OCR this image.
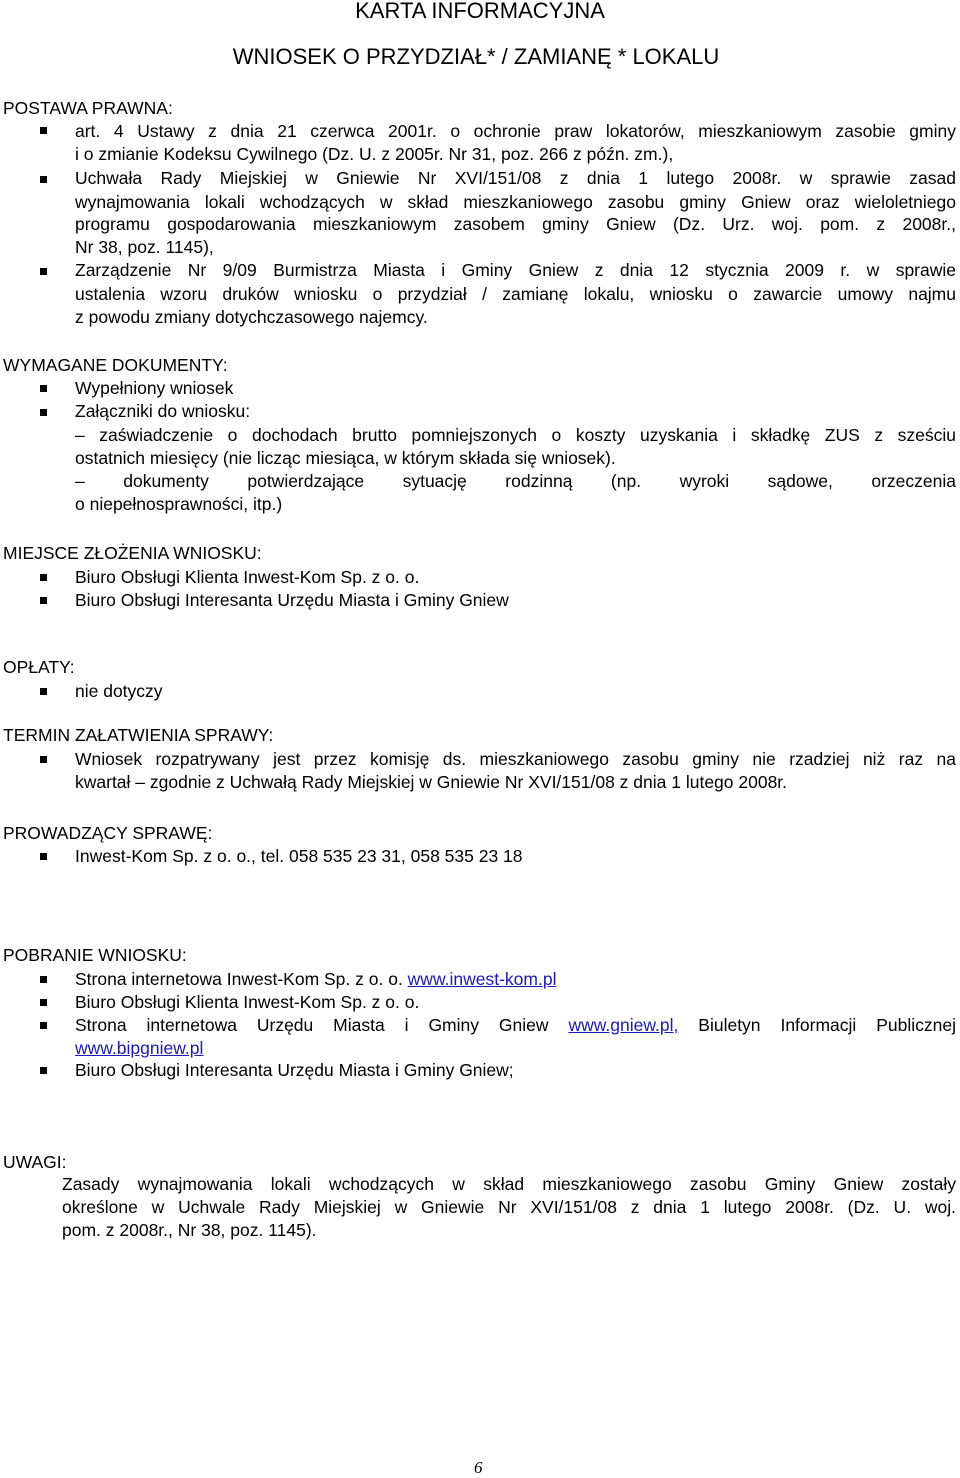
KARTA INFORMACYJNA
WNIOSEK O PRZYDZIAŁ* / ZAMIANĘ * LOKALU
POSTAWA PRAWNA:
art. 4 Ustawy z dnia 21 czerwca 2001r. o ochronie praw lokatorów, mieszkaniowym zasobie gminy
i o zmianie Kodeksu Cywilnego (Dz. U. z 2005r. Nr 31, poz. 266 z późn. zm.),
Uchwała Rady Miejskiej w Gniewie Nr XVI/151/08 z dnia 1 lutego 2008r. w sprawie zasad
wynajmowania lokali wchodzących w skład mieszkaniowego zasobu gminy Gniew oraz wieloletniego
programu gospodarowania mieszkaniowym zasobem gminy Gniew (Dz. Urz. woj. pom. z 2008r.,
Nr 38, poz. 1145),
Zarządzenie Nr 9/09 Burmistrza Miasta i Gminy Gniew z dnia 12 stycznia 2009 r. w sprawie
ustalenia wzoru druków wniosku o przydział / zamianę lokalu, wniosku o zawarcie umowy najmu
z powodu zmiany dotychczasowego najemcy.
WYMAGANE DOKUMENTY:
Wypełniony wniosek
Załączniki do wniosku:
– zaświadczenie o dochodach brutto pomniejszonych o koszty uzyskania i składkę ZUS z sześciu
ostatnich miesięcy (nie licząc miesiąca, w którym składa się wniosek).
– dokumenty potwierdzające sytuację rodzinną (np. wyroki sądowe, orzeczenia
o niepełnosprawności, itp.)
MIEJSCE ZŁOŻENIA WNIOSKU:
Biuro Obsługi Klienta Inwest-Kom Sp. z o. o.
Biuro Obsługi Interesanta Urzędu Miasta i Gminy Gniew
OPŁATY:
nie dotyczy
TERMIN ZAŁATWIENIA SPRAWY:
Wniosek rozpatrywany jest przez komisję ds. mieszkaniowego zasobu gminy nie rzadziej niż raz na
kwartał – zgodnie z Uchwałą Rady Miejskiej w Gniewie Nr XVI/151/08 z dnia 1 lutego 2008r.
PROWADZĄCY SPRAWĘ:
Inwest-Kom Sp. z o. o., tel. 058 535 23 31, 058 535 23 18
POBRANIE WNIOSKU:
Strona internetowa Inwest-Kom Sp. z o. o. www.inwest-kom.pl
Biuro Obsługi Klienta Inwest-Kom Sp. z o. o.
Strona internetowa Urzędu Miasta i Gminy Gniew www.gniew.pl, Biuletyn Informacji Publicznej
www.bipgniew.pl
Biuro Obsługi Interesanta Urzędu Miasta i Gminy Gniew;
UWAGI:
Zasady wynajmowania lokali wchodzących w skład mieszkaniowego zasobu Gminy Gniew zostały
określone w Uchwale Rady Miejskiej w Gniewie Nr XVI/151/08 z dnia 1 lutego 2008r. (Dz. U. woj.
pom. z 2008r., Nr 38, poz. 1145).
6
